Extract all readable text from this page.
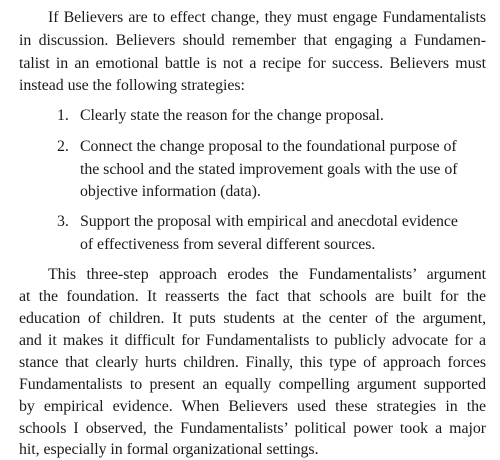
If Believers are to effect change, they must engage Fundamentalists
in discussion. Believers should remember that engaging a Fundamen-
talist in an emotional battle is not a recipe for success. Believers must
instead use the following strategies:
1. Clearly state the reason for the change proposal.
2. Connect the change proposal to the foundational purpose of
the school and the stated improvement goals with the use of
objective information (data).
3. Support the proposal with empirical and anecdotal evidence
of effectiveness from several different sources.
This three-step approach erodes the Fundamentalists’ argument
at the foundation. It reasserts the fact that schools are built for the
education of children. It puts students at the center of the argument,
and it makes it difficult for Fundamentalists to publicly advocate for a
stance that clearly hurts children. Finally, this type of approach forces
Fundamentalists to present an equally compelling argument supported
by empirical evidence. When Believers used these strategies in the
schools I observed, the Fundamentalists’ political power took a major
hit, especially in formal organizational settings.
